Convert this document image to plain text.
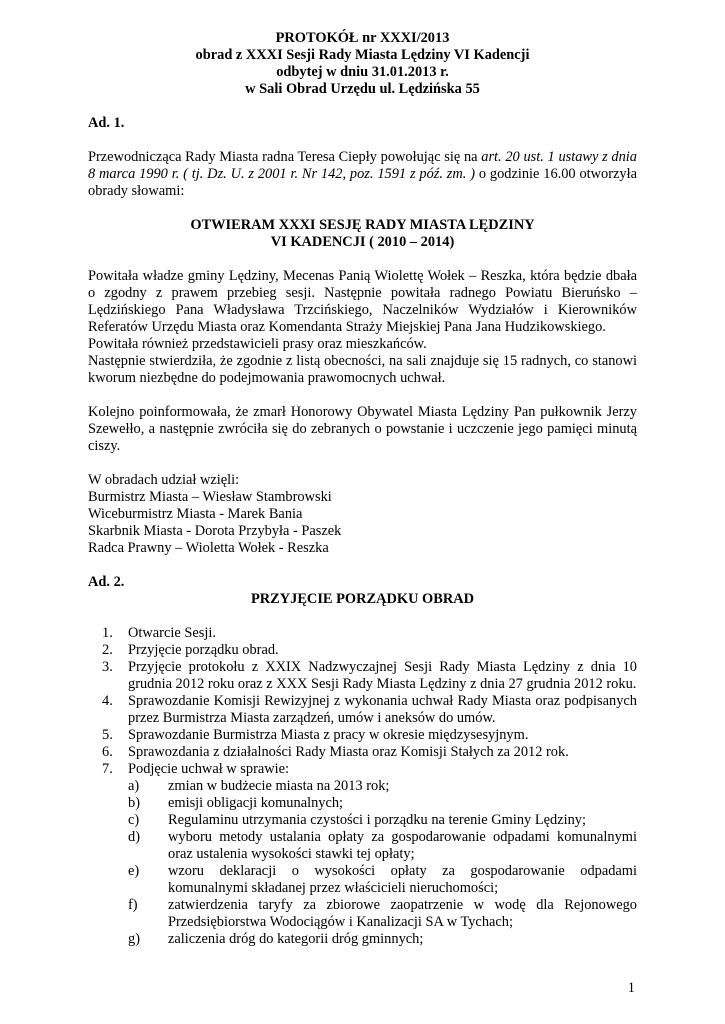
PROTOKÓŁ nr XXXI/2013
obrad z XXXI Sesji Rady Miasta Lędziny VI Kadencji
odbytej w dniu 31.01.2013 r.
w Sali Obrad Urzędu ul. Lędzińska 55

Ad. 1.

Przewodnicząca Rady Miasta radna Teresa Ciepły powołując się na art. 20 ust. 1 ustawy z dnia 8 marca 1990 r. ( tj. Dz. U. z 2001 r. Nr 142, poz. 1591 z póź. zm. ) o godzinie 16.00 otworzyła obrady słowami:

OTWIERAM XXXI SESJĘ RADY MIASTA LĘDZINY
VI KADENCJI ( 2010 – 2014)

Powitała władze gminy Lędziny, Mecenas Panią Wiolettę Wołek – Reszka, która będzie dbała o zgodny z prawem przebieg sesji. Następnie powitała radnego Powiatu Bieruńsko – Lędzińskiego Pana Władysława Trzcińskiego, Naczelników Wydziałów i Kierowników Referatów Urzędu Miasta oraz Komendanta Straży Miejskiej Pana Jana Hudzikowskiego.

Powitała również przedstawicieli prasy oraz mieszkańców.

Następnie stwierdziła, że zgodnie z listą obecności, na sali znajduje się 15 radnych, co stanowi kworum niezbędne do podejmowania prawomocnych uchwał.

Kolejno poinformowała, że zmarł Honorowy Obywatel Miasta Lędziny Pan pułkownik Jerzy Szewełło, a następnie zwróciła się do zebranych o powstanie i uczczenie jego pamięci minutą ciszy.

W obradach udział wzięli:

Burmistrz Miasta – Wiesław Stambrowski

Wiceburmistrz Miasta - Marek Bania

Skarbnik Miasta - Dorota Przybyła - Paszek

Radca Prawny – Wioletta Wołek - Reszka

Ad. 2.

PRZYJĘCIE PORZĄDKU OBRAD

1. Otwarcie Sesji.
2. Przyjęcie porządku obrad.
3. Przyjęcie protokołu z XXIX Nadzwyczajnej Sesji Rady Miasta Lędziny z dnia 10 grudnia 2012 roku oraz z XXX Sesji Rady Miasta Lędziny z dnia 27 grudnia 2012 roku.
4. Sprawozdanie Komisji Rewizyjnej z wykonania uchwał Rady Miasta oraz podpisanych przez Burmistrza Miasta zarządzeń, umów i aneksów do umów.
5. Sprawozdanie Burmistrza Miasta z pracy w okresie międzysesyjnym.
6. Sprawozdania z działalności Rady Miasta oraz Komisji Stałych za 2012 rok.
7. Podjęcie uchwał w sprawie:
a) zmian w budżecie miasta na 2013 rok;
b) emisji obligacji komunalnych;
c) Regulaminu utrzymania czystości i porządku na terenie Gminy Lędziny;
d) wyboru metody ustalania opłaty za gospodarowanie odpadami komunalnymi oraz ustalenia wysokości stawki tej opłaty;
e) wzoru deklaracji o wysokości opłaty za gospodarowanie odpadami komunalnymi składanej przez właścicieli nieruchomości;
f) zatwierdzenia taryfy za zbiorowe zaopatrzenie w wodę dla Rejonowego Przedsiębiorstwa Wodociągów i Kanalizacji SA w Tychach;
g) zaliczenia dróg do kategorii dróg gminnych;
1
